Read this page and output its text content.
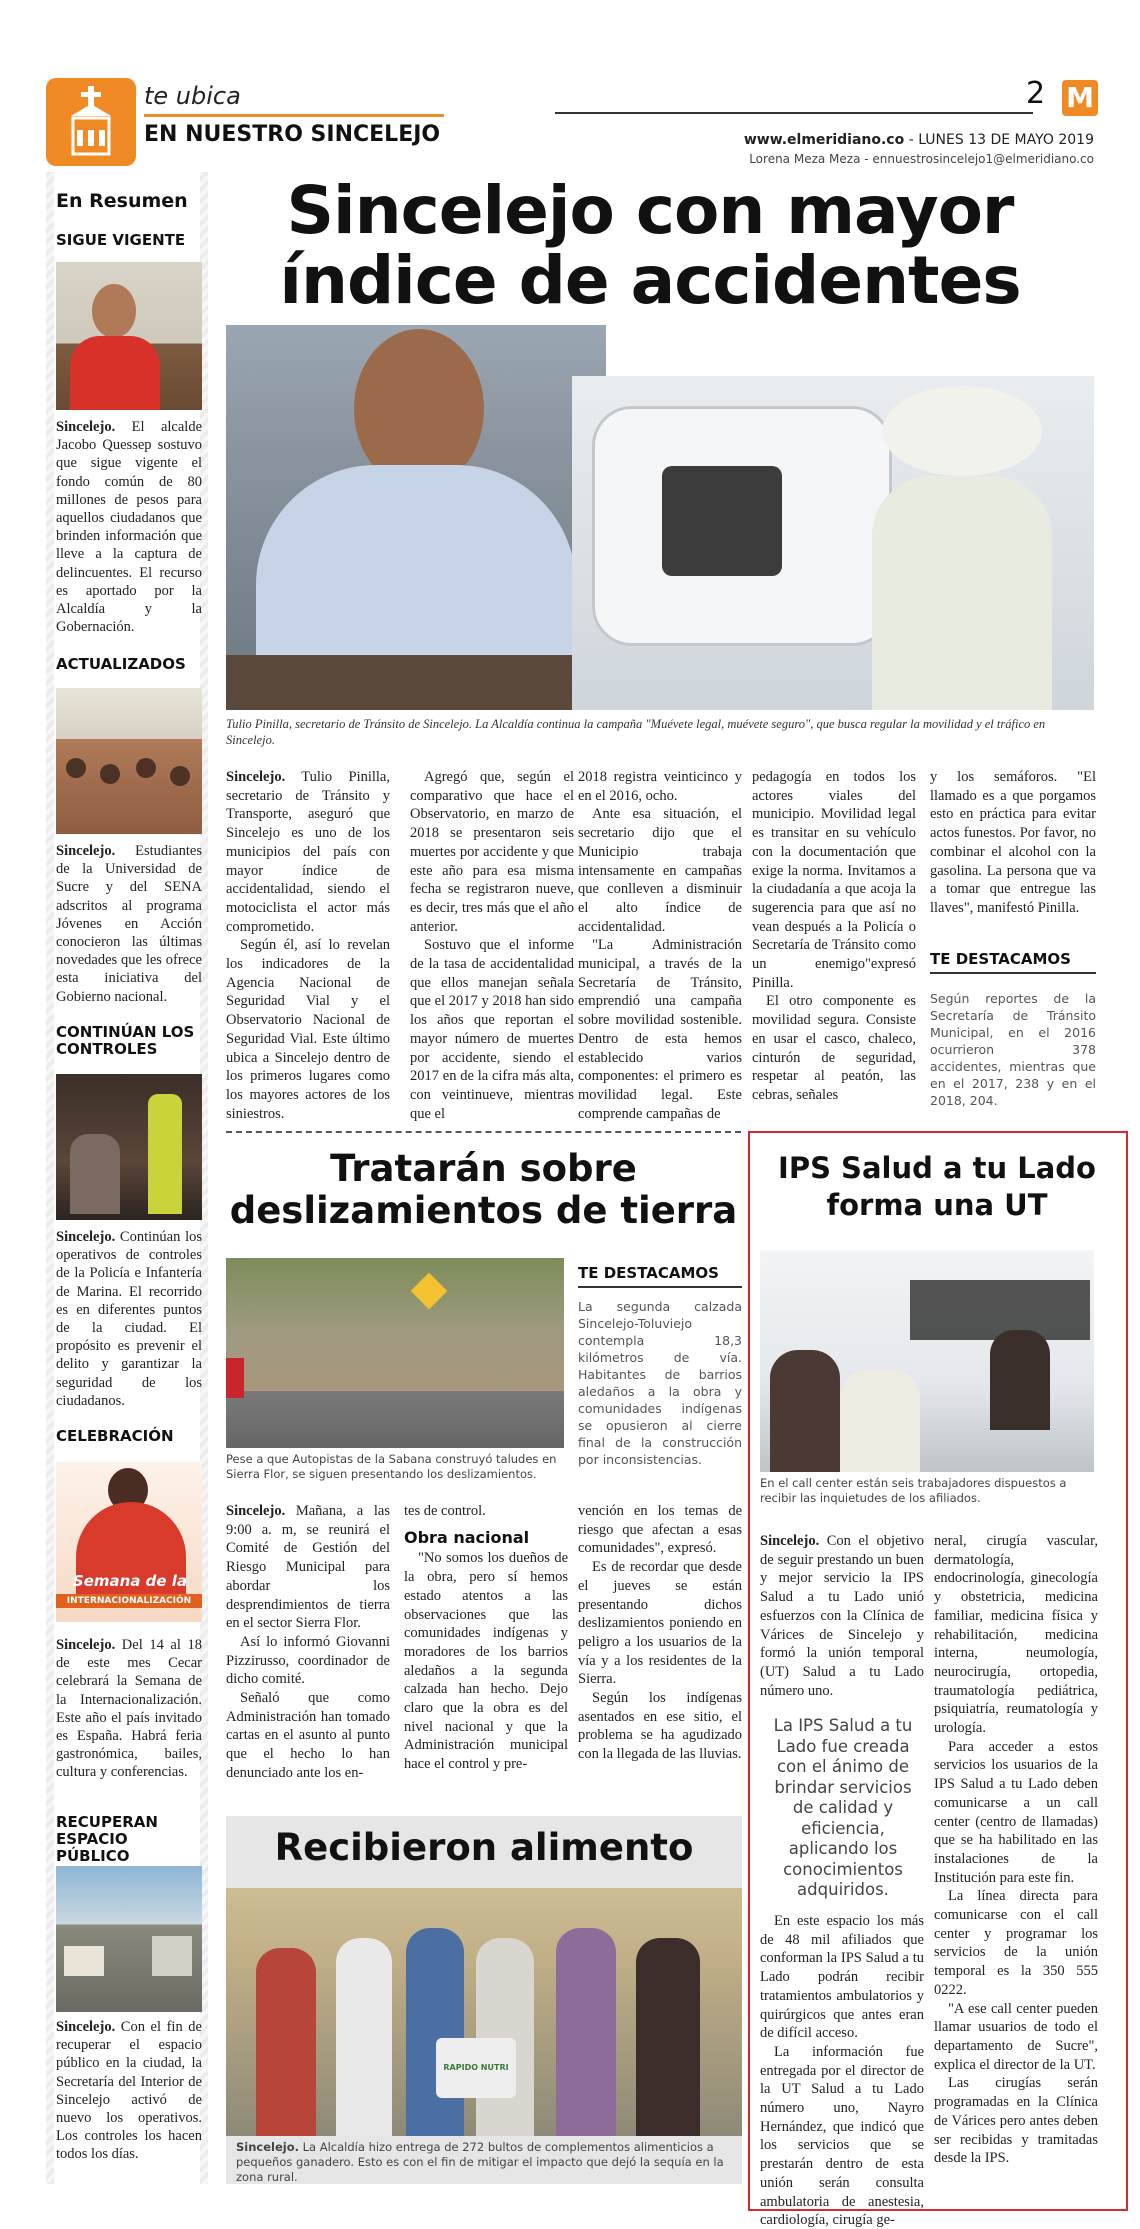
te ubica
EN NUESTRO SINCELEJO
2 M
www.elmeridiano.co - LUNES 13 DE MAYO 2019
Lorena Meza Meza - ennuestrosincelejo1@elmeridiano.co
En Resumen
SIGUE VIGENTE
Sincelejo. El alcalde Jacobo Quessep sostuvo que sigue vigente el fondo común de 80 millones de pesos para aquellos ciudadanos que brinden información que lleve a la captura de delincuentes. El recurso es aportado por la Alcaldía y la Gobernación.
ACTUALIZADOS
Sincelejo. Estudiantes de la Universidad de Sucre y del SENA adscritos al programa Jóvenes en Acción conocieron las últimas novedades que les ofrece esta iniciativa del Gobierno nacional.
CONTINÚAN LOS CONTROLES
Sincelejo. Continúan los operativos de controles de la Policía e Infantería de Marina. El recorrido es en diferentes puntos de la ciudad. El propósito es prevenir el delito y garantizar la seguridad de los ciudadanos.
CELEBRACIÓN
Semana de la
INTERNACIONALIZACIÓN
Sincelejo. Del 14 al 18 de este mes Cecar celebrará la Semana de la Internacionalización. Este año el país invitado es España. Habrá feria gastronómica, bailes, cultura y conferencias.
RECUPERAN ESPACIO PÚBLICO
Sincelejo. Con el fin de recuperar el espacio público en la ciudad, la Secretaría del Interior de Sincelejo activó de nuevo los operativos. Los controles los hacen todos los días.
Sincelejo con mayor índice de accidentes
Tulio Pinilla, secretario de Tránsito de Sincelejo. La Alcaldía continua la campaña "Muévete legal, muévete seguro", que busca regular la movilidad y el tráfico en Sincelejo.

Sincelejo. Tulio Pinilla, secretario de Tránsito y Transporte, aseguró que Sincelejo es uno de los municipios del país con mayor índice de accidentalidad, siendo el motociclista el actor más comprometido.

Según él, así lo revelan los indicadores de la Agencia Nacional de Seguridad Vial y el Observatorio Nacional de Seguridad Vial. Este último ubica a Sincelejo dentro de los primeros lugares como los mayores actores de los siniestros.

Agregó que, según el comparativo que hace el Observatorio, en marzo de 2018 se presentaron seis muertes por accidente y que este año para esa misma fecha se registraron nueve, es decir, tres más que el año anterior.

Sostuvo que el informe de la tasa de accidentalidad que ellos manejan señala que el 2017 y 2018 han sido los años que reportan el mayor número de muertes por accidente, siendo el 2017 en de la cifra más alta, con veintinueve, mientras que el

2018 registra veinticinco y en el 2016, ocho.

Ante esa situación, el secretario dijo que el Municipio trabaja intensamente en campañas que conlleven a disminuir el alto índice de accidentalidad.

"La Administración municipal, a través de la Secretaría de Tránsito, emprendió una campaña sobre movilidad sostenible. Dentro de esta hemos establecido varios componentes: el primero es movilidad legal. Este comprende campañas de

pedagogía en todos los actores viales del municipio. Movilidad legal es transitar en su vehículo con la documentación que exige la norma. Invitamos a la ciudadanía a que acoja la sugerencia para que así no vean después a la Policía o Secretaría de Tránsito como un enemigo"expresó Pinilla.

El otro componente es movilidad segura. Consiste en usar el casco, chaleco, cinturón de seguridad, respetar al peatón, las cebras, señales

y los semáforos. "El llamado es a que porgamos esto en práctica para evitar actos funestos. Por favor, no combinar el alcohol con la gasolina. La persona que va a tomar que entregue las llaves", manifestó Pinilla.

TE DESTACAMOS
Según reportes de la Secretaría de Tránsito Municipal, en el 2016 ocurrieron 378 accidentes, mientras que en el 2017, 238 y en el 2018, 204.
Tratarán sobre deslizamientos de tierra
Pese a que Autopistas de la Sabana construyó taludes en Sierra Flor, se siguen presentando los deslizamientos.
TE DESTACAMOS
La segunda calzada Sincelejo-Toluviejo contempla 18,3 kilómetros de vía. Habitantes de barrios aledaños a la obra y comunidades indígenas se opusieron al cierre final de la construcción por inconsistencias.

Sincelejo. Mañana, a las 9:00 a. m, se reunirá el Comité de Gestión del Riesgo Municipal para abordar los desprendimientos de tierra en el sector Sierra Flor.

Así lo informó Giovanni Pizzirusso, coordinador de dicho comité.

Señaló que como Administración han tomado cartas en el asunto al punto que el hecho lo han denunciado ante los en-

tes de control.

Obra nacional

"No somos los dueños de la obra, pero sí hemos estado atentos a las observaciones que las comunidades indígenas y moradores de los barrios aledaños a la segunda calzada han hecho. Dejo claro que la obra es del nivel nacional y que la Administración municipal hace el control y pre-

vención en los temas de riesgo que afectan a esas comunidades", expresó.

Es de recordar que desde el jueves se están presentando dichos deslizamientos poniendo en peligro a los usuarios de la vía y a los residentes de la Sierra.

Según los indígenas asentados en ese sitio, el problema se ha agudizado con la llegada de las lluvias.

Recibieron alimento
RAPIDO NUTRI
Sincelejo. La Alcaldía hizo entrega de 272 bultos de complementos alimenticios a pequeños ganadero. Esto es con el fin de mitigar el impacto que dejó la sequía en la zona rural.
IPS Salud a tu Lado forma una UT
En el call center están seis trabajadores dispuestos a recibir las inquietudes de los afiliados.

Sincelejo. Con el objetivo de seguir prestando un buen y mejor servicio la IPS Salud a tu Lado unió esfuerzos con la Clínica de Várices de Sincelejo y formó la unión temporal (UT) Salud a tu Lado número uno.

La IPS Salud a tu Lado fue creada con el ánimo de brindar servicios de calidad y eficiencia, aplicando los conocimientos adquiridos.

En este espacio los más de 48 mil afiliados que conforman la IPS Salud a tu Lado podrán recibir tratamientos ambulatorios y quirúrgicos que antes eran de difícil acceso.

La información fue entregada por el director de la UT Salud a tu Lado número uno, Nayro Hernández, que indicó que los servicios que se prestarán dentro de esta unión serán consulta ambulatoria de anestesia, cardiología, cirugía ge-

neral, cirugía vascular, dermatología, endocrinología, ginecología y obstetricia, medicina familiar, medicina física y rehabilitación, medicina interna, neumología, neurocirugía, ortopedia, traumatología pediátrica, psiquiatría, reumatología y urología.

Para acceder a estos servicios los usuarios de la IPS Salud a tu Lado deben comunicarse a un call center (centro de llamadas) que se ha habilitado en las instalaciones de la Institución para este fin.

La línea directa para comunicarse con el call center y programar los servicios de la unión temporal es la 350 555 0222.

"A ese call center pueden llamar usuarios de todo el departamento de Sucre", explica el director de la UT.

Las cirugías serán programadas en la Clínica de Várices pero antes deben ser recibidas y tramitadas desde la IPS.
